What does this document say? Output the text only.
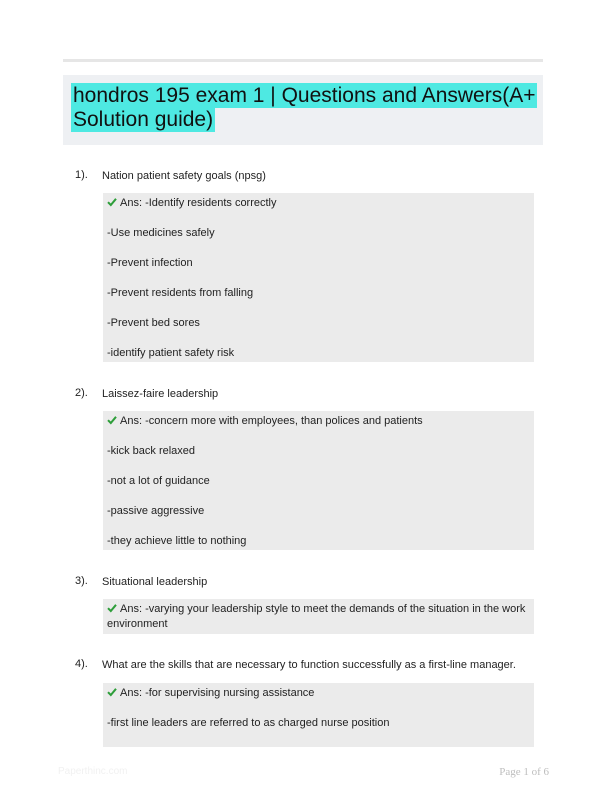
hondros 195 exam 1 | Questions and Answers(A+ Solution guide)
1). Nation patient safety goals (npsg)
Ans: -Identify residents correctly
-Use medicines safely
-Prevent infection
-Prevent residents from falling
-Prevent bed sores
-identify patient safety risk
2). Laissez-faire leadership
Ans: -concern more with employees, than polices and patients
-kick back relaxed
-not a lot of guidance
-passive aggressive
-they achieve little to nothing
3). Situational leadership
Ans: -varying your leadership style to meet the demands of the situation in the work environment
4). What are the skills that are necessary to function successfully as a first-line manager.
Ans: -for supervising nursing assistance
-first line leaders are referred to as charged nurse position
Paperthinc.com	Page 1 of 6
